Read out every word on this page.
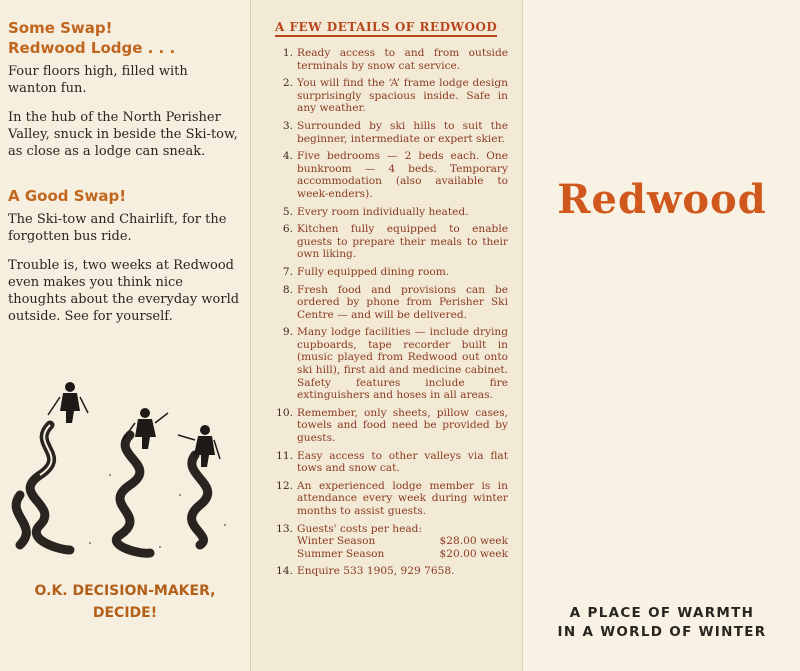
Some Swap!

Redwood Lodge . . .

Four floors high, filled with wanton fun.

In the hub of the North Perisher Valley, snuck in beside the Ski-tow, as close as a lodge can sneak.

A Good Swap!

The Ski-tow and Chairlift, for the forgotten bus ride.

Trouble is, two weeks at Redwood even makes you think nice thoughts about the everyday world outside. See for yourself.

O.K. DECISION-MAKER,
DECIDE!
A FEW DETAILS OF REDWOOD
1. Ready access to and from outside terminals by snow cat service.
2. You will find the ‘A’ frame lodge design surprisingly spacious inside. Safe in any weather.
3. Surrounded by ski hills to suit the beginner, intermediate or expert skier.
4. Five bedrooms — 2 beds each. One bunkroom — 4 beds. Temporary accommodation (also available to week-enders).
5. Every room individually heated.
6. Kitchen fully equipped to enable guests to prepare their meals to their own liking.
7. Fully equipped dining room.
8. Fresh food and provisions can be ordered by phone from Perisher Ski Centre — and will be delivered.
9. Many lodge facilities — include drying cupboards, tape recorder built in (music played from Redwood out onto ski hill), first aid and medicine cabinet. Safety features include fire extinguishers and hoses in all areas.
10. Remember, only sheets, pillow cases, towels and food need be provided by guests.
11. Easy access to other valleys via flat tows and snow cat.
12. An experienced lodge member is in attendance every week during winter months to assist guests.
13. Guests' costs per head:
Winter Season	$28.00 week
Summer Season	$20.00 week
14. Enquire 533 1905, 929 7658.
Redwood
A PLACE OF WARMTH
IN A WORLD OF WINTER
